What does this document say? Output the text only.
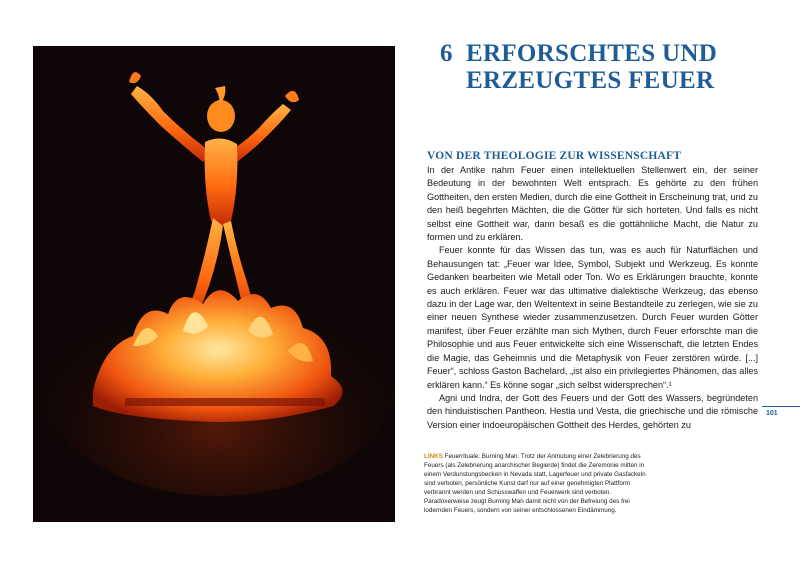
6 ERFORSCHTES UND
ERZEUGTES FEUER
VON DER THEOLOGIE ZUR WISSENSCHAFT

In der Antike nahm Feuer einen intellektuellen Stellenwert ein, der seiner Bedeutung in der bewohnten Welt entsprach. Es gehörte zu den frühen Gottheiten, den ersten Medien, durch die eine Gottheit in Erscheinung trat, und zu den heiß begehrten Mächten, die die Götter für sich horteten. Und falls es nicht selbst eine Gottheit war, dann besaß es die gottähnliche Macht, die Natur zu formen und zu erklären.

Feuer konnte für das Wissen das tun, was es auch für Naturflächen und Behausungen tat: „Feuer war Idee, Symbol, Subjekt und Werkzeug. Es konnte Gedanken bearbeiten wie Metall oder Ton. Wo es Erklärungen brauchte, konnte es auch erklären. Feuer war das ultimative dialektische Werkzeug, das ebenso dazu in der Lage war, den Weltentext in seine Bestandteile zu zerlegen, wie sie zu einer neuen Synthese wieder zusammenzusetzen. Durch Feuer wurden Götter manifest, über Feuer erzählte man sich Mythen, durch Feuer erforschte man die Philosophie und aus Feuer entwickelte sich eine Wissenschaft, die letzten Endes die Magie, das Geheimnis und die Metaphysik von Feuer zerstören würde. [...] Feuer“, schloss Gaston Bachelard, „ist also ein privilegiertes Phänomen, das alles erklären kann.“ Es könne sogar „sich selbst widersprechen“.¹

Agni und Indra, der Gott des Feuers und der Gott des Wassers, begründeten den hinduistischen Pantheon. Hestia und Vesta, die griechische und die römische Version einer indoeuropäischen Gottheit des Herdes, gehörten zu

101
LINKS Feuerrituale: Burning Man. Trotz der Anmutung einer Zelebrierung des Feuers (als Zelebrierung anarchischer Begierde) findet die Zeremonie mitten in einem Verdunstungsbecken in Nevada statt, Lagerfeuer und private Gasfackeln sind verboten, persönliche Kunst darf nur auf einer genehmigten Plattform verbrannt werden und Schusswaffen und Feuerwerk sind verboten. Paradoxerweise zeugt Burning Man damit nicht von der Befreiung des frei lodernden Feuers, sondern von seiner entschlossenen Eindämmung.
